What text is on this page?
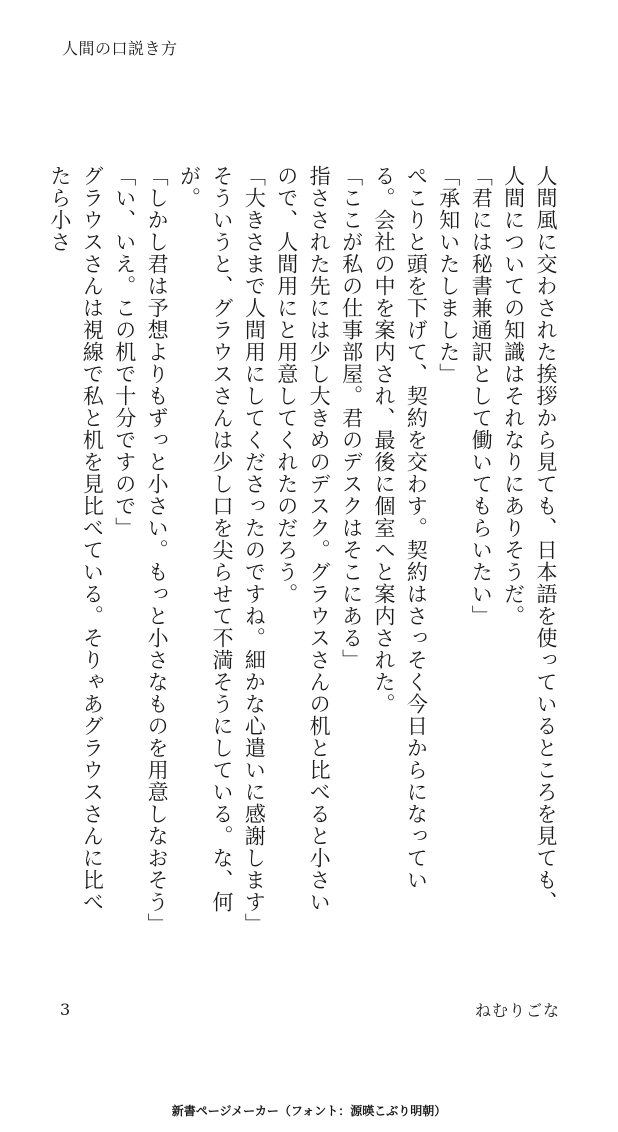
人間の口説き方

人間風に交わされた挨拶から見ても、日本語を使っているところを見ても、人間についての知識はそれなりにありそうだ。

「君には秘書兼通訳として働いてもらいたい」

「承知いたしました」

ぺこりと頭を下げて、契約を交わす。契約はさっそく今日からになっている。会社の中を案内され、最後に個室へと案内された。

「ここが私の仕事部屋。君のデスクはそこにある」

指さされた先には少し大きめのデスク。グラウスさんの机と比べると小さいので、人間用にと用意してくれたのだろう。

「大きさまで人間用にしてくださったのですね。細かな心遣いに感謝します」

そういうと、グラウスさんは少し口を尖らせて不満そうにしている。な、何が。

「しかし君は予想よりもずっと小さい。もっと小さなものを用意しなおそう」

「い、いえ。この机で十分ですので」

グラウスさんは視線で私と机を見比べている。そりゃあグラウスさんに比べたら小さ

3	ねむりごな
新書ページメーカー（フォント：源暎こぶり明朝）
